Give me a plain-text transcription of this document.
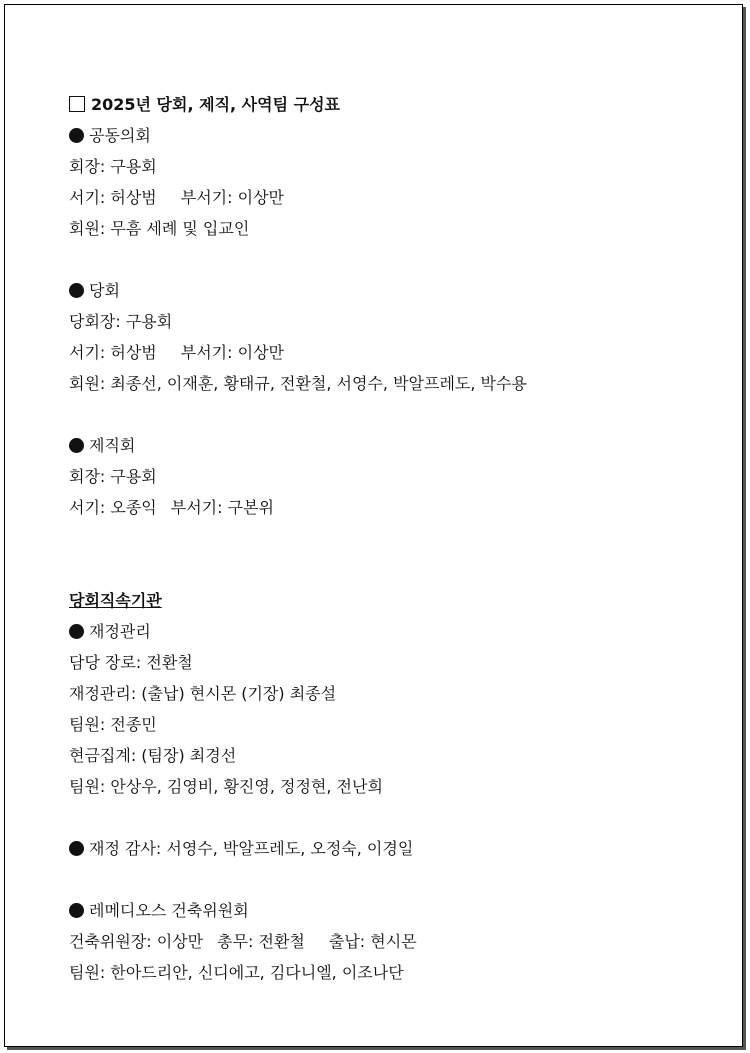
2025년 당회, 제직, 사역팀 구성표
공동의회
회장: 구용회
서기: 허상범 부서기: 이상만
회원: 무흠 세례 및 입교인
당회
당회장: 구용회
서기: 허상범 부서기: 이상만
회원: 최종선, 이재훈, 황태규, 전환철, 서영수, 박알프레도, 박수용
제직회
회장: 구용회
서기: 오종익 부서기: 구본위
당회직속기관
재정관리
담당 장로: 전환철
재정관리: (출납) 현시몬 (기장) 최종설
팀원: 전종민
현금집계: (팀장) 최경선
팀원: 안상우, 김영비, 황진영, 정정현, 전난희
재정 감사: 서영수, 박알프레도, 오정숙, 이경일
레메디오스 건축위원회
건축위원장: 이상만 총무: 전환철 출납: 현시몬
팀원: 한아드리안, 신디에고, 김다니엘, 이조나단
